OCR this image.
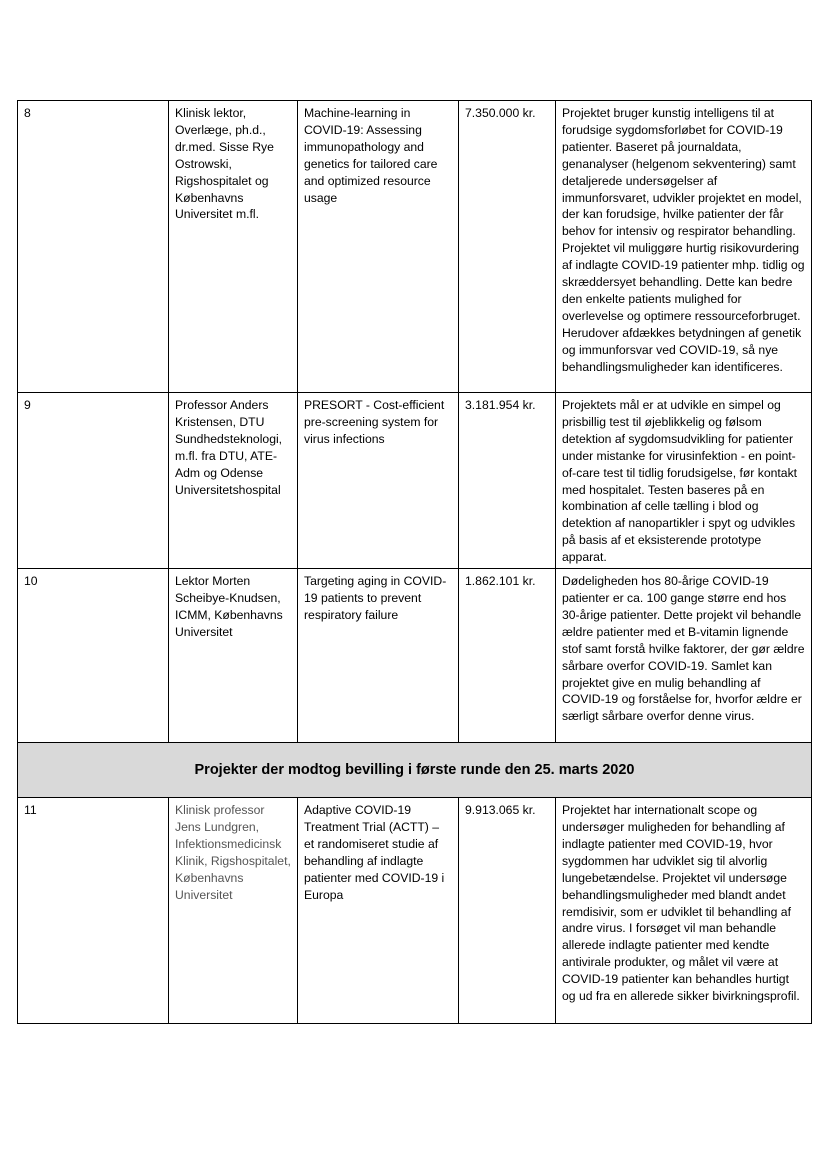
8	Klinisk lektor, Overlæge, ph.d., dr.med. Sisse Rye Ostrowski, Rigshospitalet og Københavns Universitet m.fl.	Machine-learning in COVID-19: Assessing immunopathology and genetics for tailored care and optimized resource usage	7.350.000 kr.	Projektet bruger kunstig intelligens til at forudsige sygdomsforløbet for COVID-19 patienter. Baseret på journaldata, genanalyser (helgenom sekventering) samt detaljerede undersøgelser af immunforsvaret, udvikler projektet en model, der kan forudsige, hvilke patienter der får behov for intensiv og respirator behandling. Projektet vil muliggøre hurtig risikovurdering af indlagte COVID-19 patienter mhp. tidlig og skræddersyet behandling. Dette kan bedre den enkelte patients mulighed for overlevelse og optimere ressourceforbruget. Herudover afdækkes betydningen af genetik og immunforsvar ved COVID-19, så nye behandlingsmuligheder kan identificeres.
9	Professor Anders Kristensen, DTU Sundhedsteknologi, m.fl. fra DTU, ATE-Adm og Odense Universitetshospital	PRESORT - Cost-efficient pre-screening system for virus infections	3.181.954 kr.	Projektets mål er at udvikle en simpel og prisbillig test til øjeblikkelig og følsom detektion af sygdomsudvikling for patienter under mistanke for virusinfektion - en point-of-care test til tidlig forudsigelse, før kontakt med hospitalet. Testen baseres på en kombination af celle tælling i blod og detektion af nanopartikler i spyt og udvikles på basis af et eksisterende prototype apparat.
10	Lektor Morten Scheibye-Knudsen, ICMM, Københavns Universitet	Targeting aging in COVID-19 patients to prevent respiratory failure	1.862.101 kr.	Dødeligheden hos 80-årige COVID-19 patienter er ca. 100 gange større end hos 30-årige patienter. Dette projekt vil behandle ældre patienter med et B-vitamin lignende stof samt forstå hvilke faktorer, der gør ældre sårbare overfor COVID-19. Samlet kan projektet give en mulig behandling af COVID-19 og forståelse for, hvorfor ældre er særligt sårbare overfor denne virus.
Projekter der modtog bevilling i første runde den 25. marts 2020				
11	Klinisk professor Jens Lundgren, Infektionsmedicinsk Klinik, Rigshospitalet, Københavns Universitet	Adaptive COVID-19 Treatment Trial (ACTT) – et randomiseret studie af behandling af indlagte patienter med COVID-19 i Europa	9.913.065 kr.	Projektet har internationalt scope og undersøger muligheden for behandling af indlagte patienter med COVID-19, hvor sygdommen har udviklet sig til alvorlig lungebetændelse. Projektet vil undersøge behandlingsmuligheder med blandt andet remdisivir, som er udviklet til behandling af andre virus. I forsøget vil man behandle allerede indlagte patienter med kendte antivirale produkter, og målet vil være at COVID-19 patienter kan behandles hurtigt og ud fra en allerede sikker bivirkningsprofil.
